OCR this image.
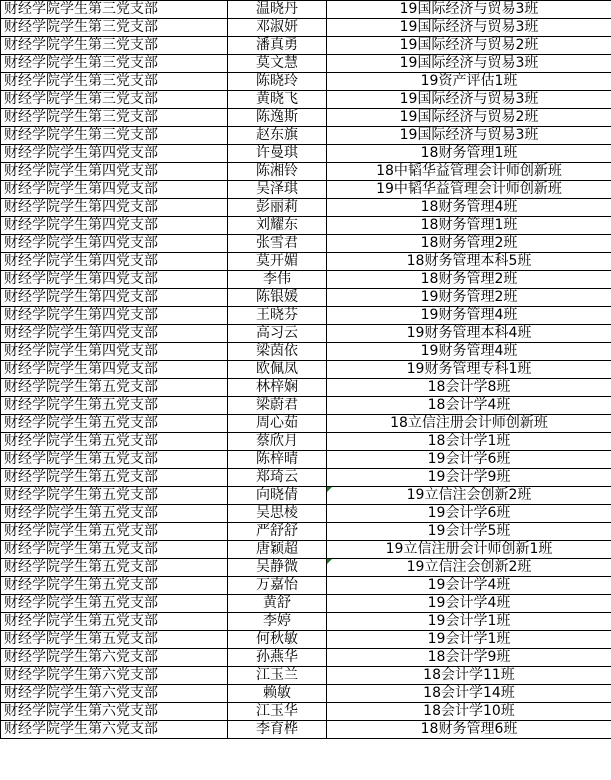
财经学院学生第三党支部	温晓丹	19国际经济与贸易3班
财经学院学生第三党支部	邓淑妍	19国际经济与贸易3班
财经学院学生第三党支部	潘真勇	19国际经济与贸易2班
财经学院学生第三党支部	莫文慧	19国际经济与贸易3班
财经学院学生第三党支部	陈晓玲	19资产评估1班
财经学院学生第三党支部	黄晓飞	19国际经济与贸易3班
财经学院学生第三党支部	陈逸斯	19国际经济与贸易2班
财经学院学生第三党支部	赵东旗	19国际经济与贸易3班
财经学院学生第四党支部	许曼琪	18财务管理1班
财经学院学生第四党支部	陈湘铃	18中韬华益管理会计师创新班
财经学院学生第四党支部	吴泽琪	19中韬华益管理会计师创新班
财经学院学生第四党支部	彭丽莉	18财务管理4班
财经学院学生第四党支部	刘耀东	18财务管理1班
财经学院学生第四党支部	张雪君	18财务管理2班
财经学院学生第四党支部	莫开媚	18财务管理本科5班
财经学院学生第四党支部	李伟	18财务管理2班
财经学院学生第四党支部	陈银媛	19财务管理2班
财经学院学生第四党支部	王晓芬	19财务管理4班
财经学院学生第四党支部	高习云	19财务管理本科4班
财经学院学生第四党支部	梁茵依	19财务管理4班
财经学院学生第四党支部	欧佩凤	19财务管理专科1班
财经学院学生第五党支部	林梓娴	18会计学8班
财经学院学生第五党支部	梁蔚君	18会计学4班
财经学院学生第五党支部	周心茹	18立信注册会计师创新班
财经学院学生第五党支部	蔡欣月	18会计学1班
财经学院学生第五党支部	陈梓晴	19会计学6班
财经学院学生第五党支部	郑琦云	19会计学9班
财经学院学生第五党支部	向晓倩	19立信注会创新2班

财经学院学生第五党支部	吴思棱	19会计学6班
财经学院学生第五党支部	严舒舒	19会计学5班
财经学院学生第五党支部	唐颖超	19立信注册会计师创新1班
财经学院学生第五党支部	吴静微	19立信注会创新2班

财经学院学生第五党支部	万嘉怡	19会计学4班
财经学院学生第五党支部	黄舒	19会计学4班
财经学院学生第五党支部	李婷	19会计学1班
财经学院学生第五党支部	何秋敏	19会计学1班
财经学院学生第六党支部	孙燕华	18会计学9班
财经学院学生第六党支部	江玉兰	18会计学11班
财经学院学生第六党支部	赖敏	18会计学14班
财经学院学生第六党支部	江玉华	18会计学10班
财经学院学生第六党支部	李育桦	18财务管理6班
